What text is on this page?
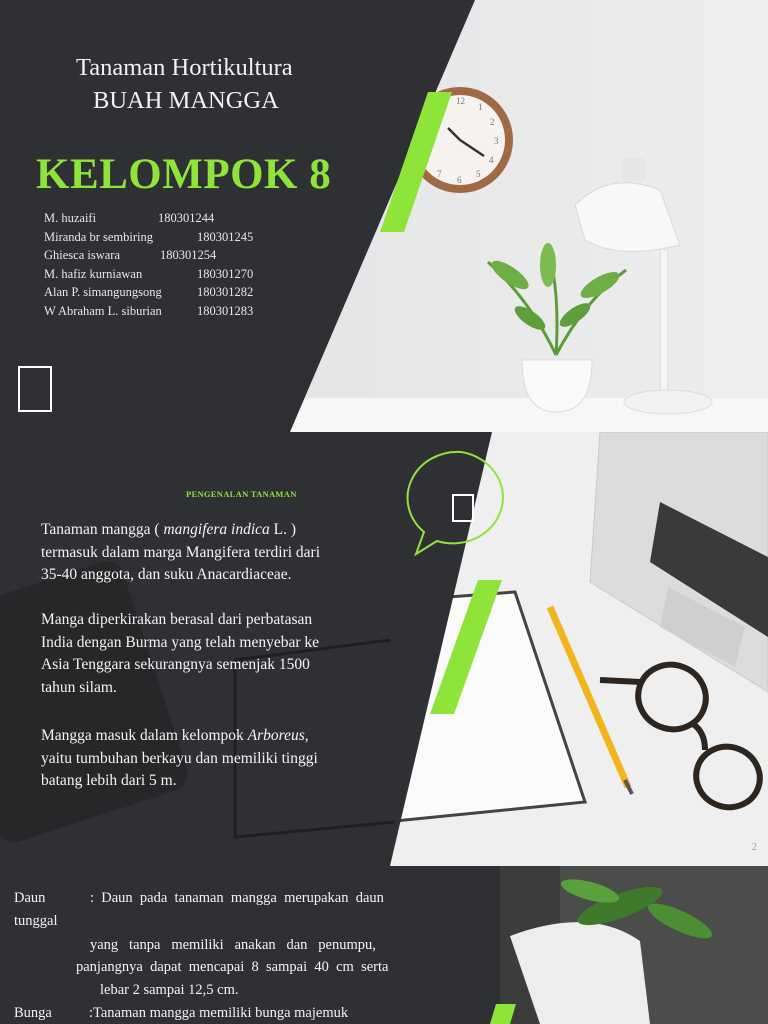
12
1
2
3
4
5
6
7
Tanaman Hortikultura
BUAH MANGGA
KELOMPOK 8
M. huzaifi	180301244
Miranda br sembiring	180301245
Ghiesca iswara	180301254
M. hafiz kurniawan	180301270
Alan P. simangungsong	180301282
W Abraham L. siburian	180301283
PENGENALAN TANAMAN
Tanaman mangga ( mangifera indica L. )
termasuk dalam marga Mangifera terdiri dari
35-40 anggota, dan suku Anacardiaceae.
Manga diperkirakan berasal dari perbatasan
India dengan Burma yang telah menyebar ke
Asia Tenggara sekurangnya semenjak 1500
tahun silam.
Mangga masuk dalam kelompok Arboreus,
yaitu tumbuhan berkayu dan memiliki tinggi
batang lebih dari 5 m.
2
Daun	:  Daun  pada  tanaman  mangga  merupakan  daun
tunggal
yang   tanpa   memiliki   anakan   dan   penumpu,
panjangnya  dapat  mencapai  8  sampai  40  cm  serta
lebar 2 sampai 12,5 cm.
Bunga	:Tanaman mangga memiliki bunga majemuk
